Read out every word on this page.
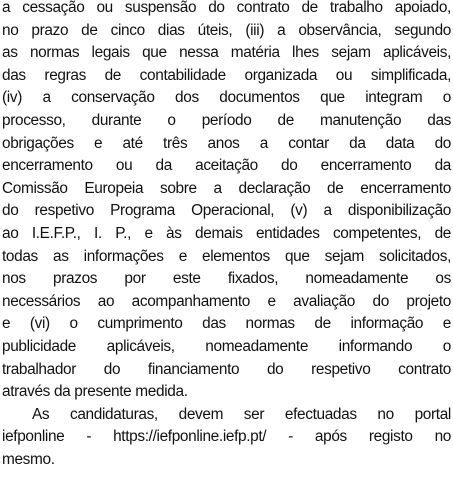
a cessação ou suspensão do contrato de trabalho apoiado,
no prazo de cinco dias úteis, (iii) a observância, segundo
as normas legais que nessa matéria lhes sejam aplicáveis,
das regras de contabilidade organizada ou simplificada,
(iv) a conservação dos documentos que integram o
processo, durante o período de manutenção das
obrigações e até três anos a contar da data do
encerramento ou da aceitação do encerramento da
Comissão Europeia sobre a declaração de encerramento
do respetivo Programa Operacional, (v) a disponibilização
ao I.E.F.P., I. P., e às demais entidades competentes, de
todas as informações e elementos que sejam solicitados,
nos prazos por este fixados, nomeadamente os
necessários ao acompanhamento e avaliação do projeto
e (vi) o cumprimento das normas de informação e
publicidade aplicáveis, nomeadamente informando o
trabalhador do financiamento do respetivo contrato
através da presente medida.

As candidaturas, devem ser efectuadas no portal
iefponline - https://iefponline.iefp.pt/ - após registo no
mesmo.
